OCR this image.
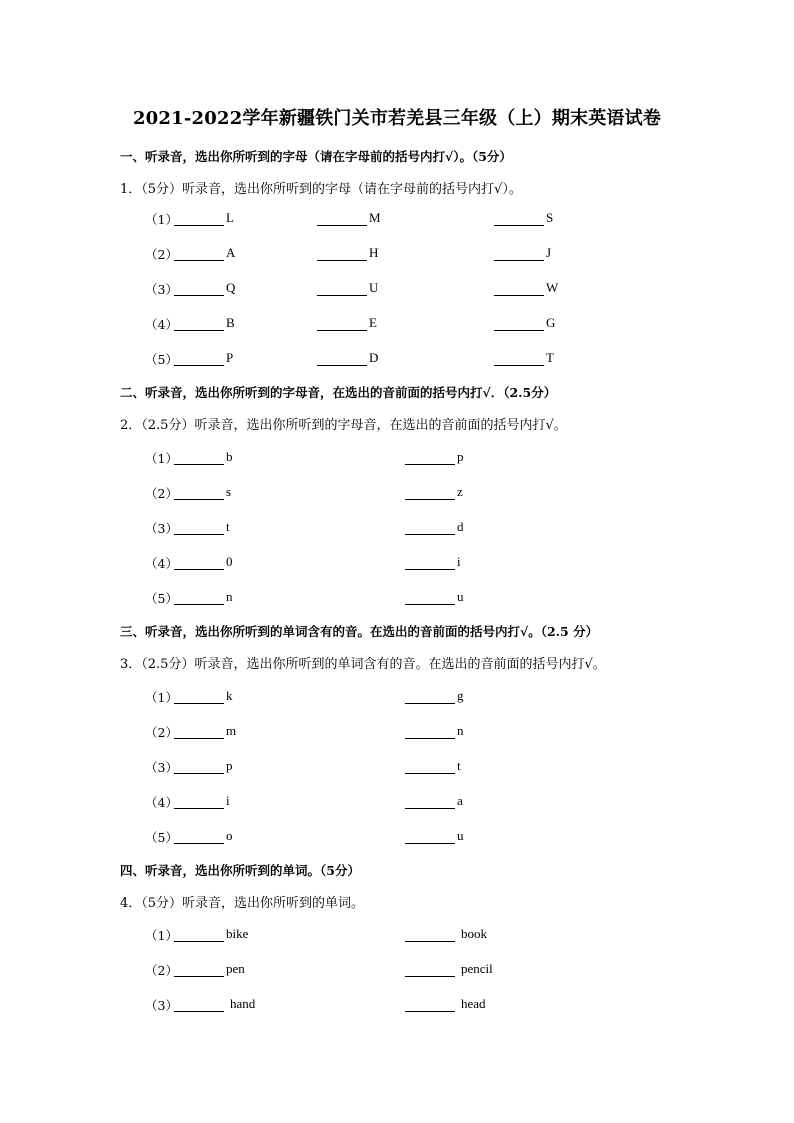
2021-2022学年新疆铁门关市若羌县三年级（上）期末英语试卷
一、听录音，选出你所听到的字母（请在字母前的括号内打√）。（5分）
1．（5分）听录音，选出你所听到的字母（请在字母前的括号内打√）。
（1）	L	M	S
（2）	A	H	J
（3）	Q	U	W
（4）	B	E	G
（5）	P	D	T
二、听录音，选出你所听到的字母音，在选出的音前面的括号内打√．（2.5分）
2．（2.5分）听录音，选出你所听到的字母音，在选出的音前面的括号内打√。
（1）	b	p
（2）	s	z
（3）	t	d
（4）	0	i
（5）	n	u
三、听录音，选出你所听到的单词含有的音。在选出的音前面的括号内打√。（2.5 分）
3．（2.5分）听录音，选出你所听到的单词含有的音。在选出的音前面的括号内打√。
（1）	k	g
（2）	m	n
（3）	p	t
（4）	i	a
（5）	o	u
四、听录音，选出你所听到的单词。（5分）
4．（5分）听录音，选出你所听到的单词。
（1）	bike	book
（2）	pen	pencil
（3）	hand	head
